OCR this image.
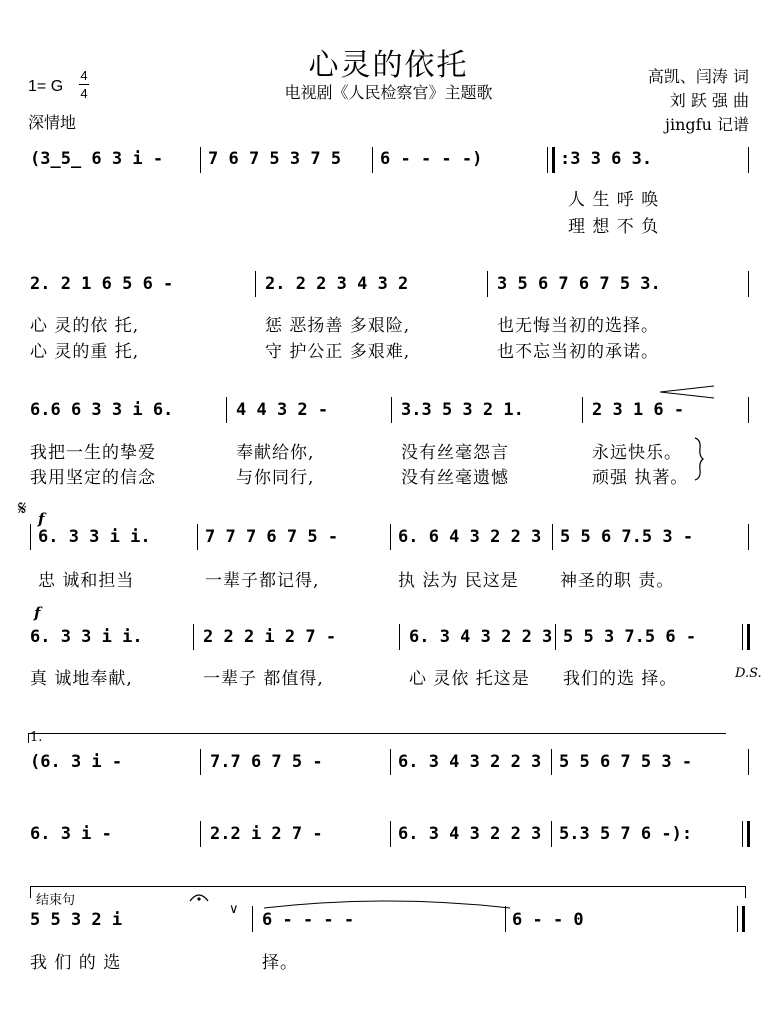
心灵的依托
电视剧《人民检察官》主题歌
1= G
4
4
深情地
高凯、闫涛 词
刘 跃 强 曲
jingfu 记谱
(3̲5̲ 6 3 i -	7 6 7 5 3 7 5 6 - - - -)	:3 3 6 3.
人 生 呼 唤
理 想 不 负
2. 2 1 6 5 6 -	2. 2 2 3 4 3 2	3 5 6 7 6 7 5 3.
心 灵的依 托,	惩 恶扬善 多艰险,	也无悔当初的选择。
心 灵的重 托,	守 护公正 多艰难,	也不忘当初的承诺。
6.6 6 3 3 i 6.	4 4 3 2 -	3.3 5 3 2 1.	2 3 1 6 -
我把一生的挚爱	奉献给你,	没有丝毫怨言	永远快乐。
我用坚定的信念	与你同行,	没有丝毫遗憾	顽强 执著。
𝄋 f
6. 3 3 i i.	7 7 7 6 7 5 -	6. 6 4 3 2 2 3 5 5 6 7.5 3 -
忠 诚和担当	一辈子都记得,	执 法为 民这是 神圣的职 责。
f
6. 3 3 i i.	2 2 2 i 2 7 -	6. 3 4 3 2 2 3 5 5 3 7.5 6 -
真 诚地奉献,	一辈子 都值得,	心 灵依 托这是 我们的选 择。	D.S.
1.
(6. 3 i -	7.7 6 7 5 -	6. 3 4 3 2 2 3 5 5 6 7 5 3 -
6. 3 i -	2.2 i 2 7 -	6. 3 4 3 2 2 3 5.3 5 7 6 -):
结束句
5 5 3 2 i
∨
6 - - - -	6 - - 0
我 们 的 选	择。
